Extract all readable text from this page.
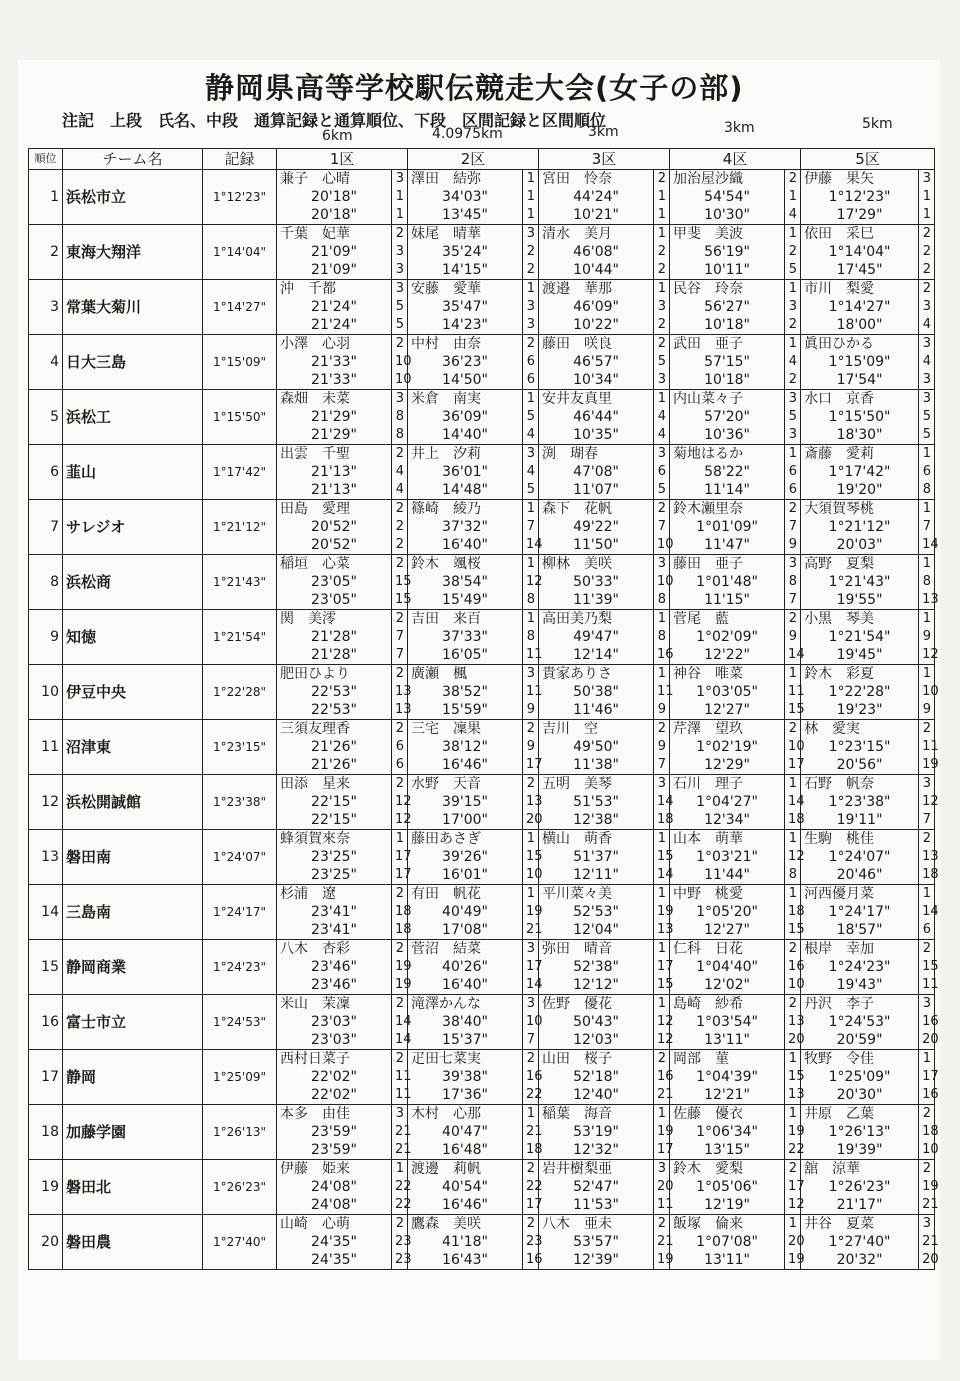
静岡県高等学校駅伝競走大会(女子の部)
注記　上段　氏名、中段　通算記録と通算順位、下段　区間記録と区間順位
6km	4.0975km	3km	3km	5km
順位	チーム名	記録	1区		2区		3区		4区		5区	
1	浜松市立	1°12'23"	兼子　心晴	3	澤田　結弥	1	宮田　怜奈	2	加治屋沙織	2	伊藤　果矢	3
			20'18"	1	34'03"	1	44'24"	1	54'54"	1	1°12'23"	1
			20'18"	1	13'45"	1	10'21"	1	10'30"	4	17'29"	1
2	東海大翔洋	1°14'04"	千葉　妃華	2	妹尾　晴華	3	清水　美月	1	甲斐　美波	1	依田　采巳	2
			21'09"	3	35'24"	2	46'08"	2	56'19"	2	1°14'04"	2
			21'09"	3	14'15"	2	10'44"	2	10'11"	5	17'45"	2
3	常葉大菊川	1°14'27"	沖　千都	3	安藤　愛華	1	渡邉　華那	1	民谷　玲奈	1	市川　梨愛	2
			21'24"	5	35'47"	3	46'09"	3	56'27"	3	1°14'27"	3
			21'24"	5	14'23"	3	10'22"	2	10'18"	2	18'00"	4
4	日大三島	1°15'09"	小澤　心羽	2	中村　由奈	2	藤田　咲良	2	武田　亜子	1	眞田ひかる	3
			21'33"	10	36'23"	6	46'57"	5	57'15"	4	1°15'09"	4
			21'33"	10	14'50"	6	10'34"	3	10'18"	2	17'54"	3
5	浜松工	1°15'50"	森畑　未菜	3	米倉　南実	1	安井友真里	1	内山菜々子	3	水口　京香	3
			21'29"	8	36'09"	5	46'44"	4	57'20"	5	1°15'50"	5
			21'29"	8	14'40"	4	10'35"	4	10'36"	3	18'30"	5
6	韮山	1°17'42"	出雲　千聖	2	井上　汐莉	3	渕　瑚春	3	菊地はるか	1	斎藤　愛莉	1
			21'13"	4	36'01"	4	47'08"	6	58'22"	6	1°17'42"	6
			21'13"	4	14'48"	5	11'07"	5	11'14"	6	19'20"	8
7	サレジオ	1°21'12"	田島　愛理	2	篠崎　綾乃	1	森下　花帆	2	鈴木瀬里奈	2	大須賀琴桃	1
			20'52"	2	37'32"	7	49'22"	7	1°01'09"	7	1°21'12"	7
			20'52"	2	16'40"	14	11'50"	10	11'47"	9	20'03"	14
8	浜松商	1°21'43"	稲垣　心菜	2	鈴木　颯桜	1	柳林　美咲	3	藤田　亜子	3	高野　夏梨	1
			23'05"	15	38'54"	12	50'33"	10	1°01'48"	8	1°21'43"	8
			23'05"	15	15'49"	8	11'39"	8	11'15"	7	19'55"	13
9	知徳	1°21'54"	関　美澪	2	吉田　来百	1	高田美乃梨	1	菅尾　藍	2	小黒　琴美	1
			21'28"	7	37'33"	8	49'47"	8	1°02'09"	9	1°21'54"	9
			21'28"	7	16'05"	11	12'14"	16	12'22"	14	19'45"	12
10	伊豆中央	1°22'28"	肥田ひより	2	廣瀬　楓	3	貴家ありさ	1	神谷　唯菜	1	鈴木　彩夏	1
			22'53"	13	38'52"	11	50'38"	11	1°03'05"	11	1°22'28"	10
			22'53"	13	15'59"	9	11'46"	9	12'27"	15	19'23"	9
11	沼津東	1°23'15"	三須友理香	2	三宅　凜果	2	吉川　空	2	芹澤　望玖	2	林　愛実	2
			21'26"	6	38'12"	9	49'50"	9	1°02'19"	10	1°23'15"	11
			21'26"	6	16'46"	17	11'38"	7	12'29"	17	20'56"	19
12	浜松開誠館	1°23'38"	田添　星来	2	水野　天音	2	五明　美琴	3	石川　理子	1	石野　帆奈	3
			22'15"	12	39'15"	13	51'53"	14	1°04'27"	14	1°23'38"	12
			22'15"	12	17'00"	20	12'38"	18	12'34"	18	19'11"	7
13	磐田南	1°24'07"	蜂須賀來奈	1	藤田あさぎ	1	横山　萌香	1	山本　萌華	1	生駒　桃佳	2
			23'25"	17	39'26"	15	51'37"	15	1°03'21"	12	1°24'07"	13
			23'25"	17	16'01"	10	12'11"	14	11'44"	8	20'46"	18
14	三島南	1°24'17"	杉浦　遼	2	有田　帆花	1	平川菜々美	1	中野　桃愛	1	河西優月菜	1
			23'41"	18	40'49"	19	52'53"	19	1°05'20"	18	1°24'17"	14
			23'41"	18	17'08"	21	12'04"	13	12'27"	15	18'57"	6
15	静岡商業	1°24'23"	八木　杏彩	2	菅沼　結菜	3	弥田　晴音	1	仁科　日花	2	根岸　幸加	2
			23'46"	19	40'26"	17	52'38"	17	1°04'40"	16	1°24'23"	15
			23'46"	19	16'40"	14	12'12"	15	12'02"	10	19'43"	11
16	富士市立	1°24'53"	米山　茉凜	2	滝澤かんな	3	佐野　優花	1	島崎　紗希	2	丹沢　李子	3
			23'03"	14	38'40"	10	50'43"	12	1°03'54"	13	1°24'53"	16
			23'03"	14	15'37"	7	12'03"	12	13'11"	20	20'59"	20
17	静岡	1°25'09"	西村日菜子	2	疋田七菜実	2	山田　桜子	2	岡部　菫	1	牧野　令佳	1
			22'02"	11	39'38"	16	52'18"	16	1°04'39"	15	1°25'09"	17
			22'02"	11	17'36"	22	12'40"	21	12'21"	13	20'30"	16
18	加藤学園	1°26'13"	本多　由佳	3	木村　心那	1	稲葉　海音	1	佐藤　優衣	1	井原　乙葉	2
			23'59"	21	40'47"	21	53'19"	19	1°06'34"	19	1°26'13"	18
			23'59"	21	16'48"	18	12'32"	17	13'15"	22	19'39"	10
19	磐田北	1°26'23"	伊藤　姫来	1	渡邊　莉帆	2	岩井樹梨亜	3	鈴木　愛梨	2	舘　涼華	2
			24'08"	22	40'54"	22	52'47"	20	1°05'06"	17	1°26'23"	19
			24'08"	22	16'46"	17	11'53"	11	12'19"	12	21'17"	21
20	磐田農	1°27'40"	山崎　心萌	2	鷹森　美咲	2	八木　亜未	2	飯塚　倫来	1	井谷　夏菜	3
			24'35"	23	41'18"	23	53'57"	21	1°07'08"	20	1°27'40"	21
			24'35"	23	16'43"	16	12'39"	19	13'11"	19	20'32"	20
